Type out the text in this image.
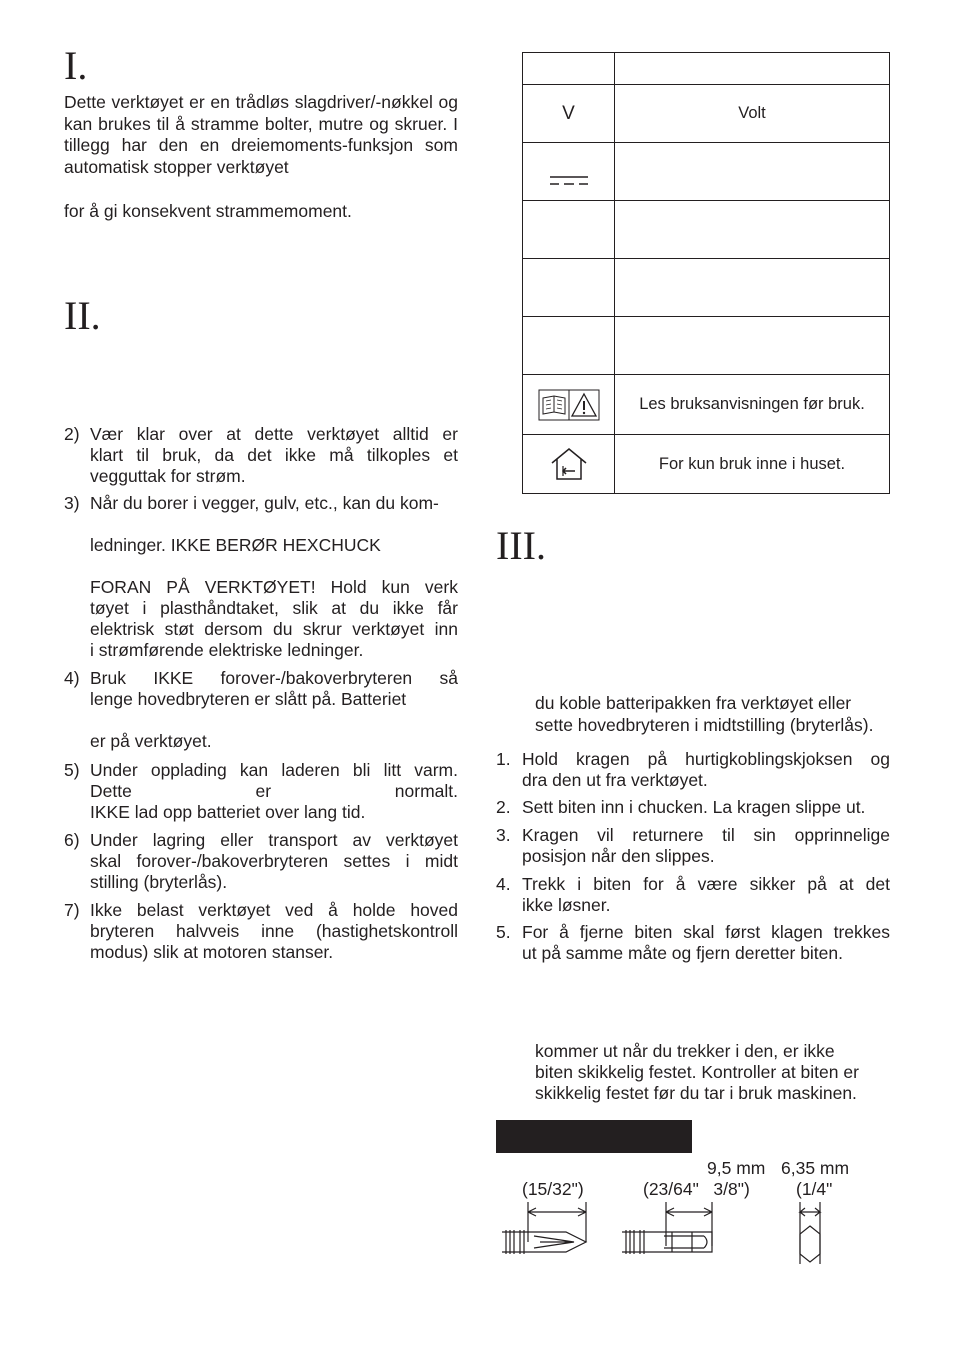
I.
Dette verktøyet er en trådløs slagdriver/-nøkkel og kan brukes til å stramme bolter, mutre og skruer. I tillegg har den en dreiemoments-funksjon som automatisk stopper verktøyet
for å gi konsekvent strammemoment.
II.
2) Vær klar over at dette verktøyet alltid er
klart til bruk, da det ikke må tilkoples et
vegguttak for strøm.
3) Når du borer i vegger, gulv, etc., kan du kom-
ledninger. IKKE BERØR HEXCHUCK
FORAN PÅ VERKTØYET! Hold kun verk
tøyet i plasthåndtaket, slik at du ikke får
elektrisk støt dersom du skrur verktøyet inn
i strømførende elektriske ledninger.
4) Bruk IKKE forover-/bakoverbryteren så
lenge hovedbryteren er slått på. Batteriet
er på verktøyet.
5) Under opplading kan laderen bli litt varm.
Dette er normalt.
IKKE lad opp batteriet over lang tid.
6) Under lagring eller transport av verktøyet
skal forover-/bakoverbryteren settes i midt
stilling (bryterlås).
7) Ikke belast verktøyet ved å holde hoved
bryteren halvveis inne (hastighetskontroll
modus) slik at motoren stanser.

V	Volt

	Les bruksanvisningen før bruk.

	For kun bruk inne i huset.
III.
du koble batteripakken fra verktøyet eller
sette hovedbryteren i midtstilling (bryterlås).
1. Hold kragen på hurtigkoblingskjoksen og
dra den ut fra verktøyet.
2. Sett biten inn i chucken. La kragen slippe ut.
3. Kragen vil returnere til sin opprinnelige
posisjon når den slippes.
4. Trekk i biten for å være sikker på at det
ikke løsner.
5. For å fjerne biten skal først klagen trekkes
ut på samme måte og fjern deretter biten.
kommer ut når du trekker i den, er ikke
biten skikkelig festet. Kontroller at biten er
skikkelig festet før du tar i bruk maskinen.
9,5 mm 6,35 mm
(15/32")	(23/64"   3/8")	(1/4"
